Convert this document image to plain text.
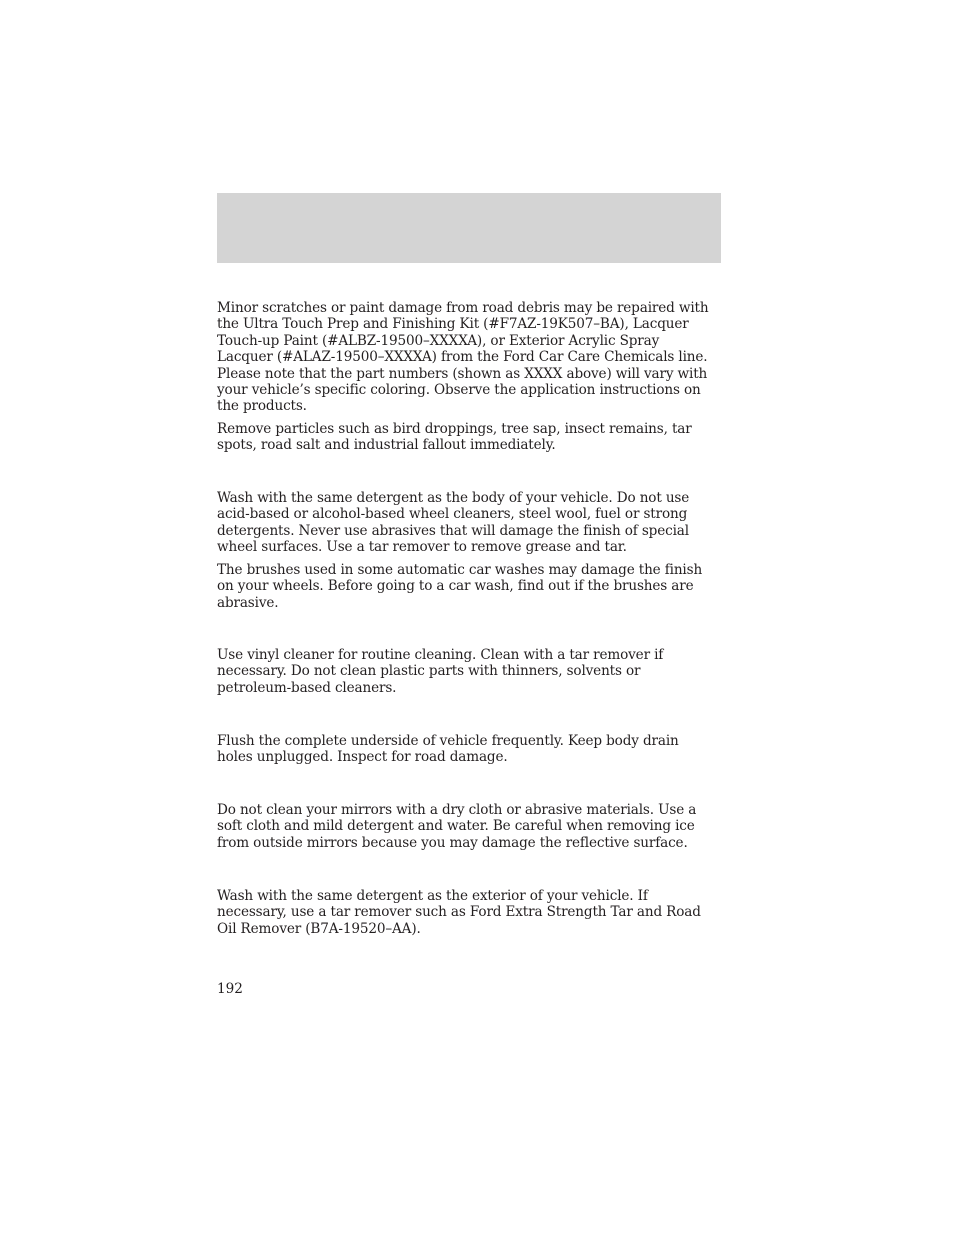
Minor scratches or paint damage from road debris may be repaired with
the Ultra Touch Prep and Finishing Kit (#F7AZ-19K507–BA), Lacquer
Touch-up Paint (#ALBZ-19500–XXXXA), or Exterior Acrylic Spray
Lacquer (#ALAZ-19500–XXXXA) from the Ford Car Care Chemicals line.
Please note that the part numbers (shown as XXXX above) will vary with
your vehicle’s specific coloring. Observe the application instructions on
the products.

Remove particles such as bird droppings, tree sap, insect remains, tar
spots, road salt and industrial fallout immediately.

Wash with the same detergent as the body of your vehicle. Do not use
acid-based or alcohol-based wheel cleaners, steel wool, fuel or strong
detergents. Never use abrasives that will damage the finish of special
wheel surfaces. Use a tar remover to remove grease and tar.

The brushes used in some automatic car washes may damage the finish
on your wheels. Before going to a car wash, find out if the brushes are
abrasive.

Use vinyl cleaner for routine cleaning. Clean with a tar remover if
necessary. Do not clean plastic parts with thinners, solvents or
petroleum-based cleaners.

Flush the complete underside of vehicle frequently. Keep body drain
holes unplugged. Inspect for road damage.

Do not clean your mirrors with a dry cloth or abrasive materials. Use a
soft cloth and mild detergent and water. Be careful when removing ice
from outside mirrors because you may damage the reflective surface.

Wash with the same detergent as the exterior of your vehicle. If
necessary, use a tar remover such as Ford Extra Strength Tar and Road
Oil Remover (B7A-19520–AA).

192
